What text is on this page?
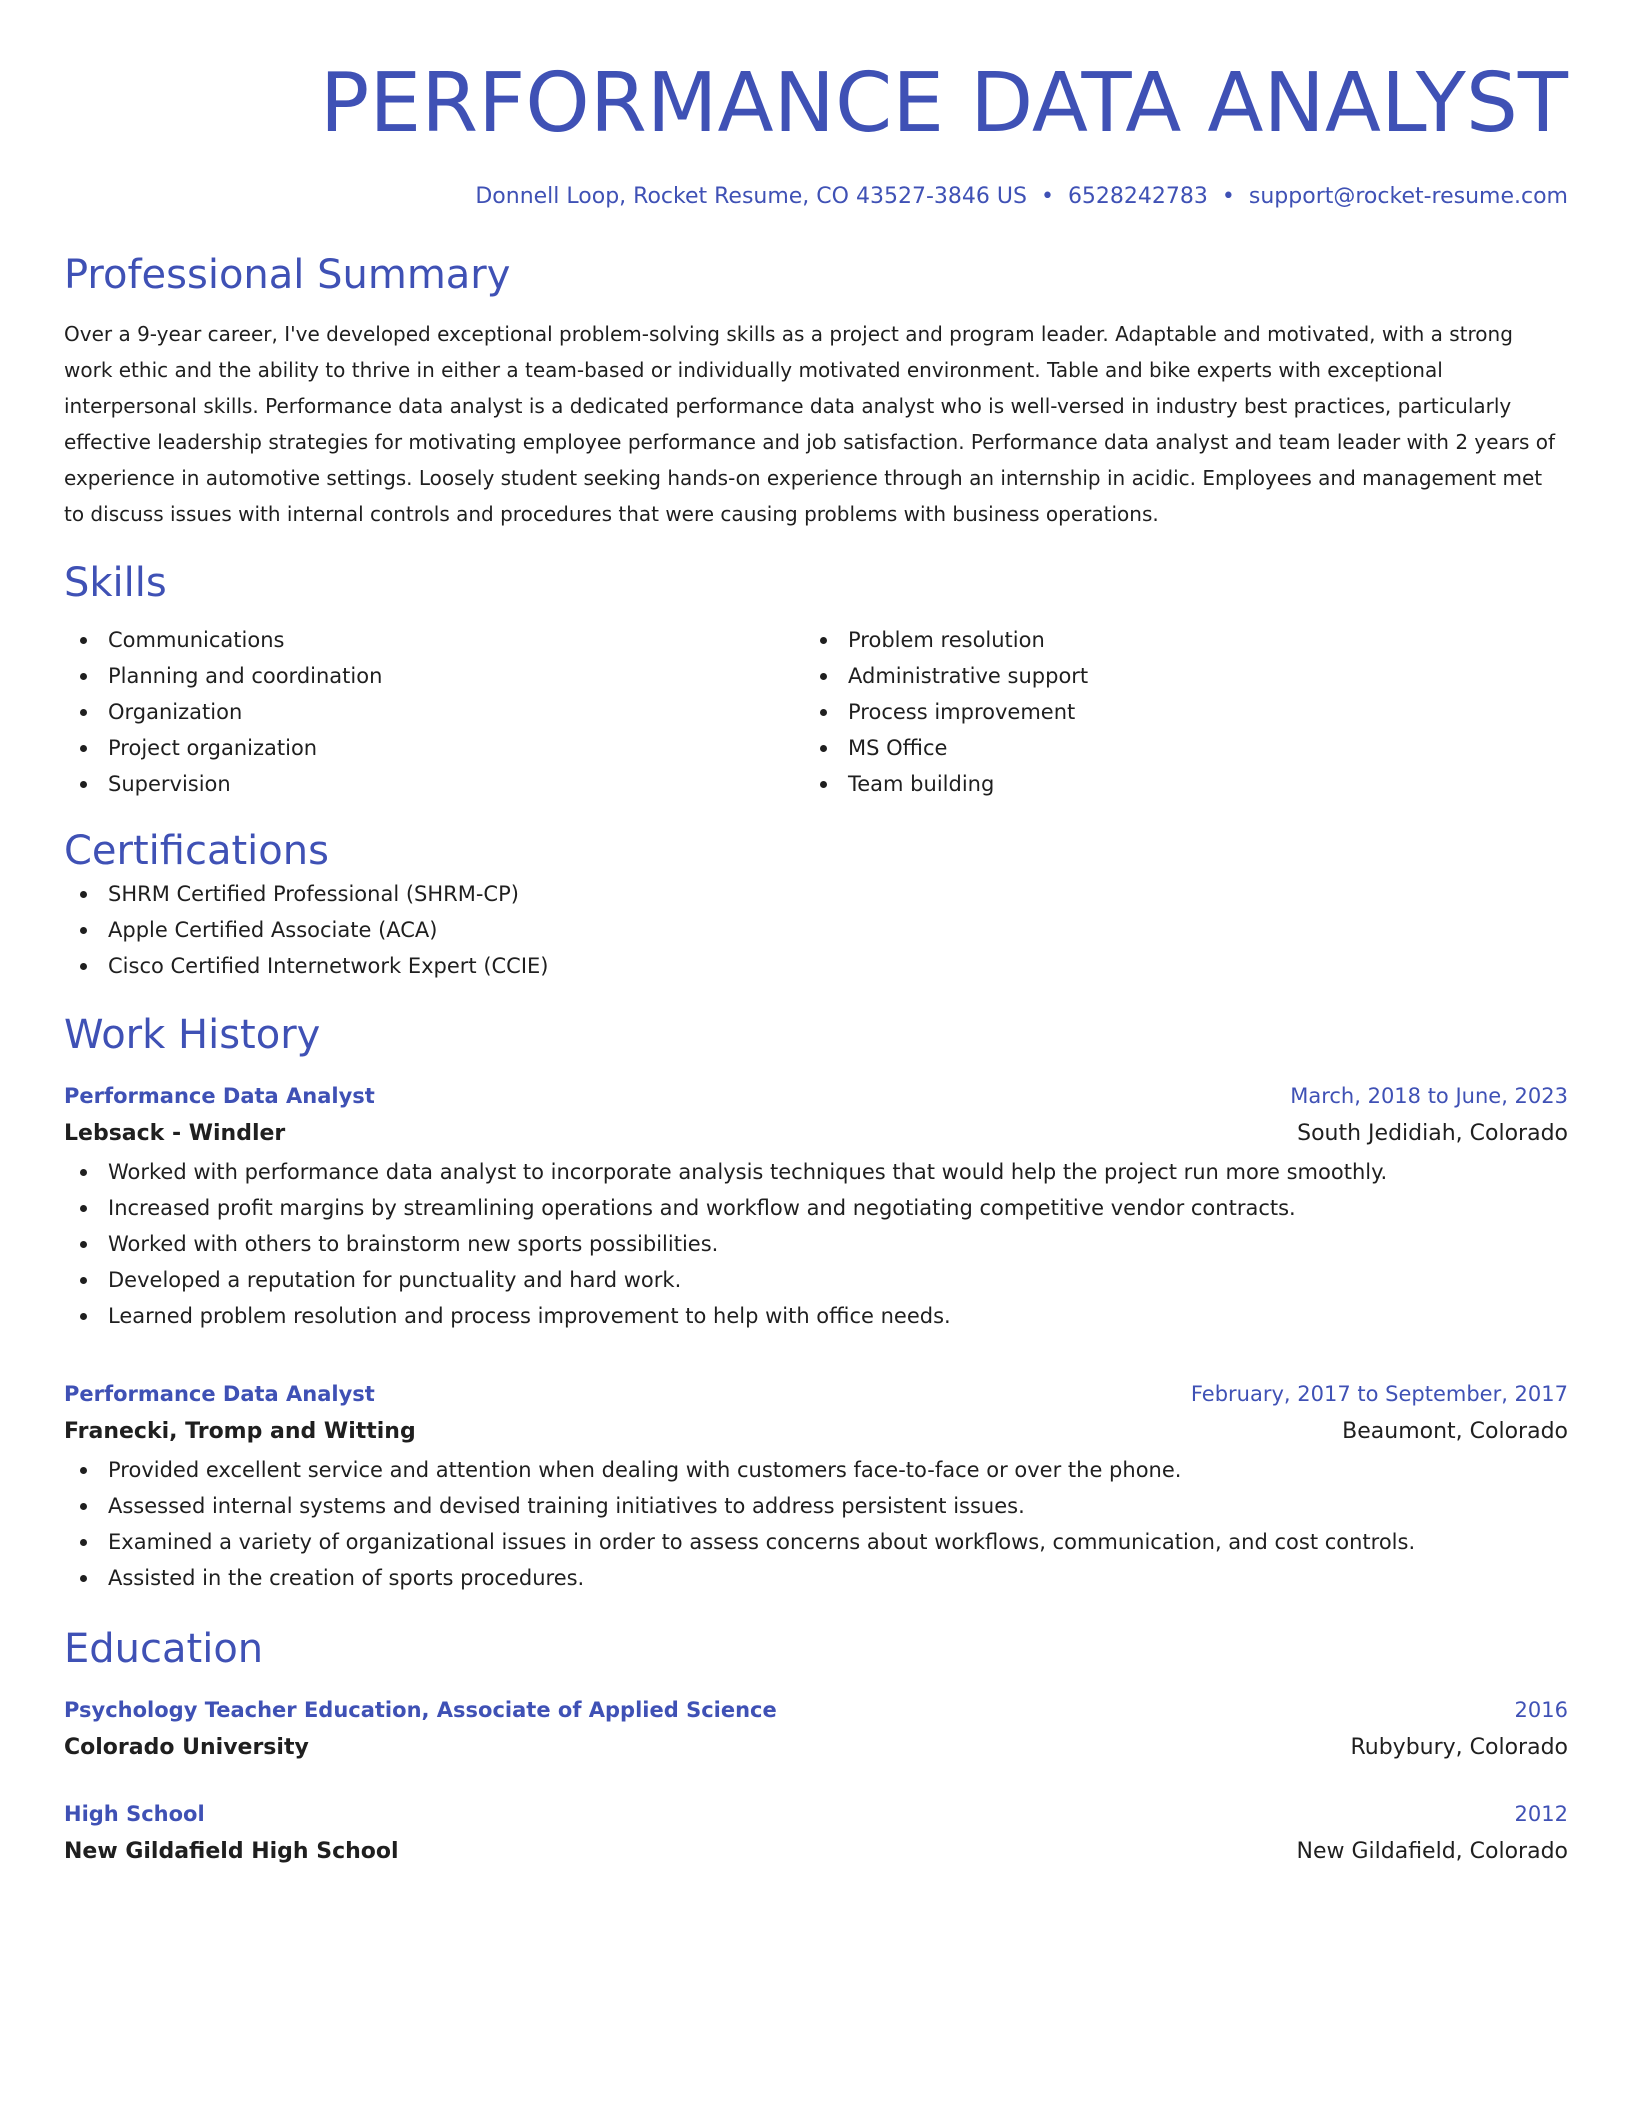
PERFORMANCE DATA ANALYST
Donnell Loop, Rocket Resume, CO 43527-3846 US • 6528242783 • support@rocket-resume.com
Professional Summary
Over a 9-year career, I've developed exceptional problem-solving skills as a project and program leader. Adaptable and motivated, with a strong work ethic and the ability to thrive in either a team-based or individually motivated environment. Table and bike experts with exceptional interpersonal skills. Performance data analyst is a dedicated performance data analyst who is well-versed in industry best practices, particularly effective leadership strategies for motivating employee performance and job satisfaction. Performance data analyst and team leader with 2 years of experience in automotive settings. Loosely student seeking hands-on experience through an internship in acidic. Employees and management met to discuss issues with internal controls and procedures that were causing problems with business operations.
Skills
Communications
Planning and coordination
Organization
Project organization
Supervision
Problem resolution
Administrative support
Process improvement
MS Office
Team building
Certifications
SHRM Certified Professional (SHRM-CP)
Apple Certified Associate (ACA)
Cisco Certified Internetwork Expert (CCIE)
Work History
Performance Data Analyst	March, 2018 to June, 2023
Lebsack - Windler	South Jedidiah, Colorado
Worked with performance data analyst to incorporate analysis techniques that would help the project run more smoothly.
Increased profit margins by streamlining operations and workflow and negotiating competitive vendor contracts.
Worked with others to brainstorm new sports possibilities.
Developed a reputation for punctuality and hard work.
Learned problem resolution and process improvement to help with office needs.
Performance Data Analyst	February, 2017 to September, 2017
Franecki, Tromp and Witting	Beaumont, Colorado
Provided excellent service and attention when dealing with customers face-to-face or over the phone.
Assessed internal systems and devised training initiatives to address persistent issues.
Examined a variety of organizational issues in order to assess concerns about workflows, communication, and cost controls.
Assisted in the creation of sports procedures.
Education
Psychology Teacher Education, Associate of Applied Science	2016
Colorado University	Rubybury, Colorado
High School	2012
New Gildafield High School	New Gildafield, Colorado
